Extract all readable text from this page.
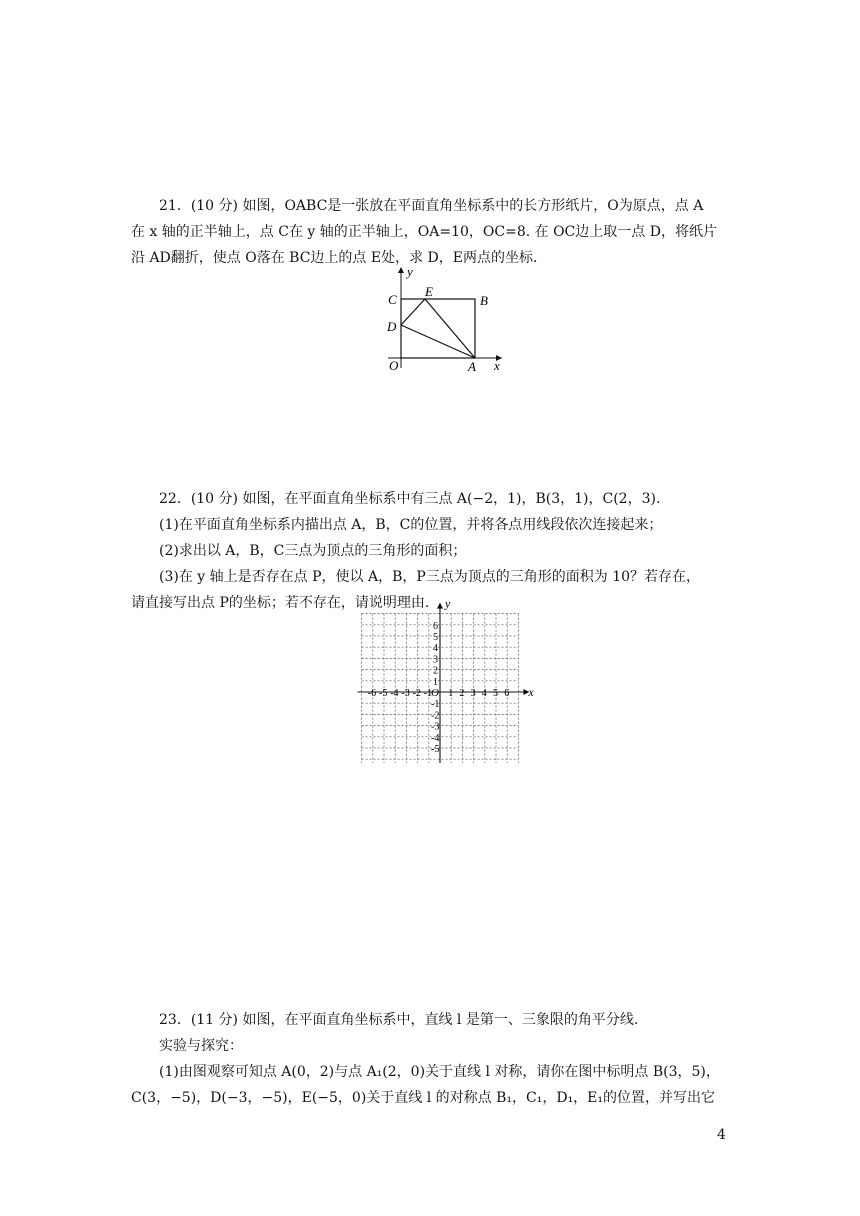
21．(10 分) 如图，OABC是一张放在平面直角坐标系中的长方形纸片，O为原点，点 A
在 x 轴的正半轴上，点 C在 y 轴的正半轴上，OA=10，OC=8. 在 OC边上取一点 D，将纸片
沿 AD翻折，使点 O落在 BC边上的点 E处，求 D，E两点的坐标.
y
C
E
B
D
O	A x
22．(10 分) 如图，在平面直角坐标系中有三点 A(−2，1)，B(3，1)，C(2，3).
(1)在平面直角坐标系内描出点 A，B，C的位置，并将各点用线段依次连接起来；
(2)求出以 A，B，C三点为顶点的三角形的面积；
(3)在 y 轴上是否存在点 P，使以 A，B，P三点为顶点的三角形的面积为 10？若存在，
请直接写出点 P的坐标；若不存在，请说明理由.
x
y
O
-6 -5 -4 -3 -2 -1 1 2 3 4 5 6
6
5
4
3
2
1
-1
-2
-3
-4
-5
23．(11 分) 如图，在平面直角坐标系中，直线 l 是第一、三象限的角平分线.
实验与探究：
(1)由图观察可知点 A(0，2)与点 A₁(2，0)关于直线 l 对称，请你在图中标明点 B(3，5)，
C(3，−5)，D(−3，−5)，E(−5，0)关于直线 l 的对称点 B₁，C₁，D₁，E₁的位置，并写出它
4
